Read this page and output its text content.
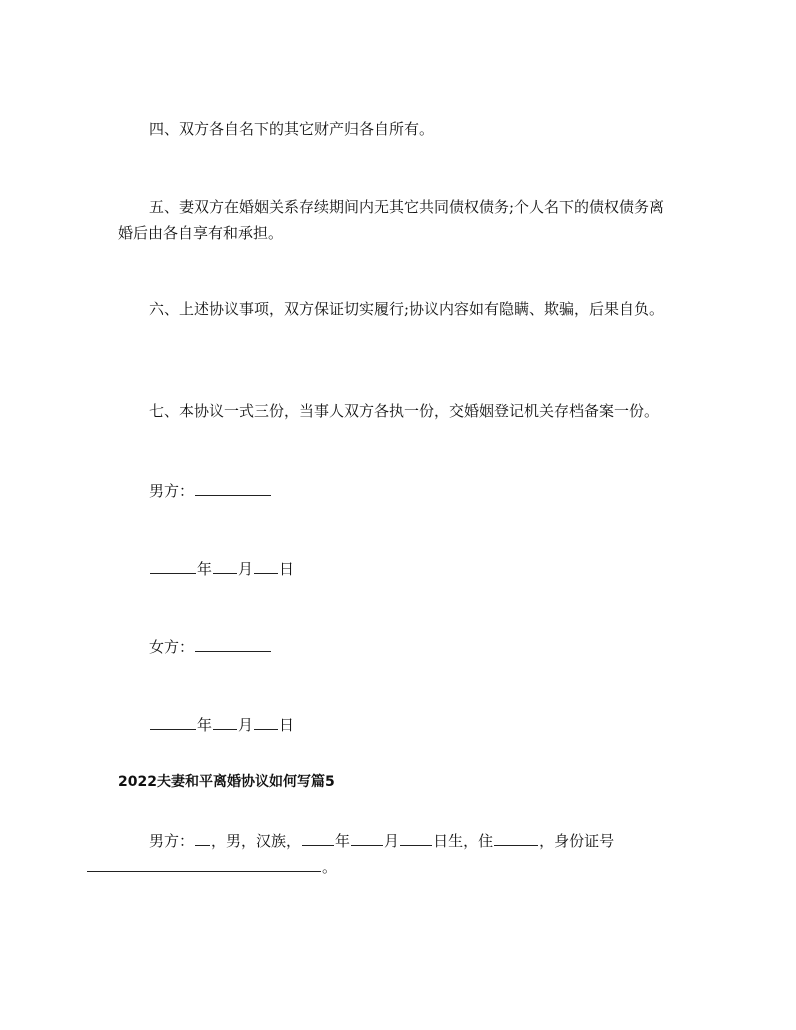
四、双方各自名下的其它财产归各自所有。

五、妻双方在婚姻关系存续期间内无其它共同债权债务;个人名下的债权债务离婚后由各自享有和承担。

六、上述协议事项，双方保证切实履行;协议内容如有隐瞒、欺骗，后果自负。

七、本协议一式三份，当事人双方各执一份，交婚姻登记机关存档备案一份。

男方：

年 月 日

女方：

年 月 日

2022夫妻和平离婚协议如何写篇5

男方： ，男，汉族， 年 月 日生，住	，身份证号
。
